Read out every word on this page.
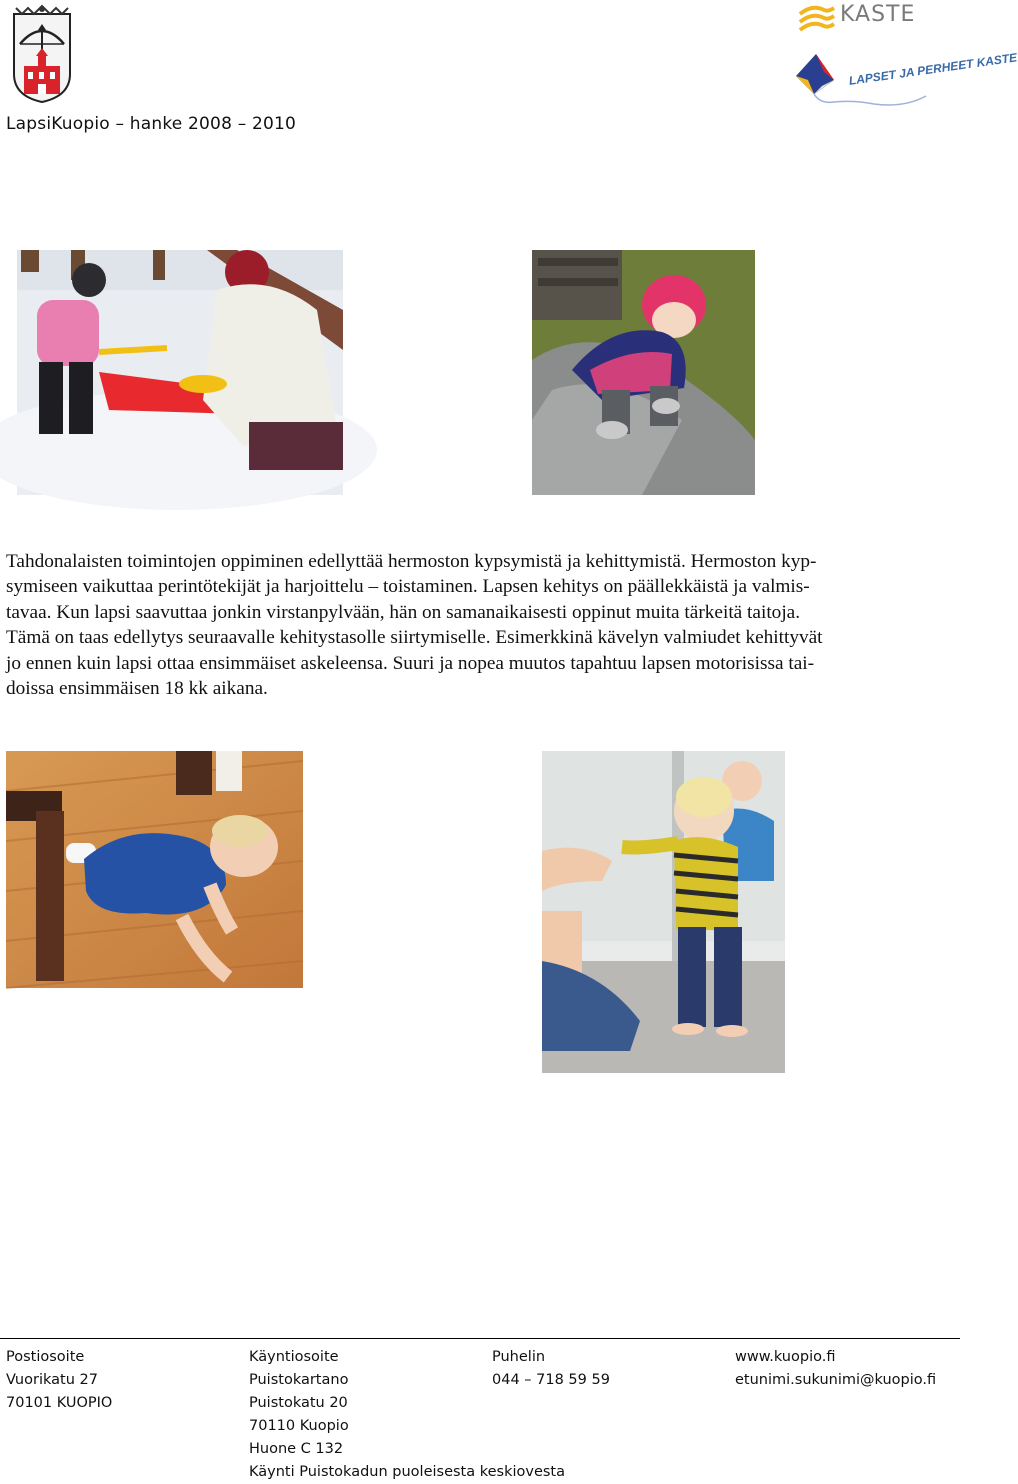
LapsiKuopio – hanke 2008 – 2010
KASTE
LAPSET JA PERHEET KASTE
Tahdonalaisten toimintojen oppiminen edellyttää hermoston kypsymistä ja kehittymistä. Hermoston kyp-
symiseen vaikuttaa perintötekijät ja harjoittelu – toistaminen. Lapsen kehitys on päällekkäistä ja valmis-
tavaa. Kun lapsi saavuttaa jonkin virstanpylvään, hän on samanaikaisesti oppinut muita tärkeitä taitoja.
Tämä on taas edellytys seuraavalle kehitystasolle siirtymiselle. Esimerkkinä kävelyn valmiudet kehittyvät
jo ennen kuin lapsi ottaa ensimmäiset askeleensa. Suuri ja nopea muutos tapahtuu lapsen motorisissa tai-
doissa ensimmäisen 18 kk aikana.
Postiosoite
Vuorikatu 27
70101 KUOPIO
Käyntiosoite
Puistokartano
Puistokatu 20
70110 Kuopio
Huone C 132
Käynti Puistokadun puoleisesta keskiovesta
Puhelin
044 – 718 59 59
www.kuopio.fi
etunimi.sukunimi@kuopio.fi
